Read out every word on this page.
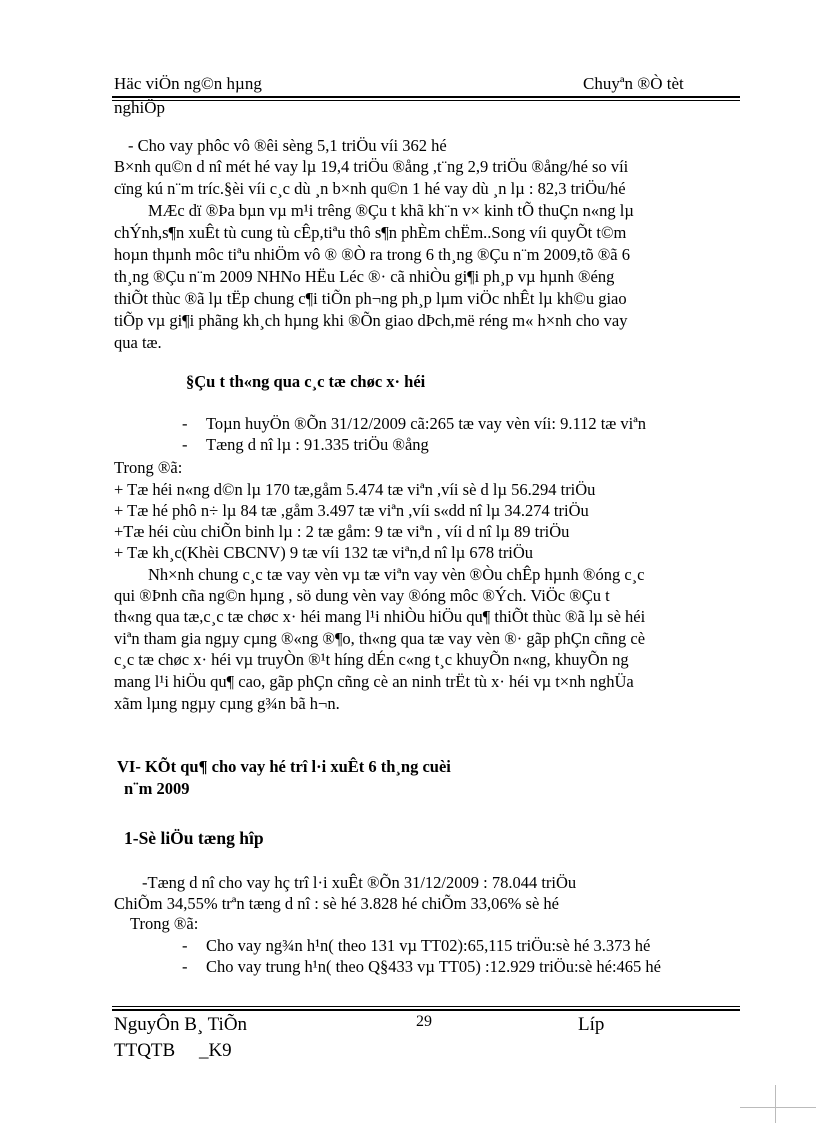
Häc viÖn ng©n hµng	Chuyªn ®Ò tèt
nghiÖp
- Cho vay phôc vô ®êi sèng 5,1 triÖu víi 362 hé
B×nh qu©n d nî mét hé vay lµ 19,4 triÖu ®ång ,t¨ng 2,9 triÖu ®ång/hé so víi
cïng kú n¨m tríc.§èi víi c¸c dù ¸n b×nh qu©n 1 hé vay dù ¸n lµ : 82,3 triÖu/hé
MÆc dï ®Þa bµn vµ m¹i trêng ®Çu t khã kh¨n v× kinh tÕ thuÇn n«ng lµ
chÝnh,s¶n xuÊt tù cung tù cÊp,tiªu thô s¶n phÈm chËm..Song víi quyÕt t©m
hoµn thµnh môc tiªu nhiÖm vô ® ®Ò ra trong 6 th¸ng ®Çu n¨m 2009,tõ ®ã 6
th¸ng ®Çu n¨m 2009 NHNo HËu Léc ®· cã nhiÒu gi¶i ph¸p vµ hµnh ®éng
thiÕt thùc ®ã lµ tËp chung c¶i tiÕn ph¬ng ph¸p lµm viÖc nhÊt lµ kh©u giao
tiÕp vµ gi¶i phãng kh¸ch hµng khi ®Õn giao dÞch,më réng m« h×nh cho vay
qua tæ.
§Çu t th«ng qua c¸c tæ chøc x· héi
- Toµn huyÖn ®Õn 31/12/2009 cã:265 tæ vay vèn víi: 9.112 tæ viªn
- Tæng d nî lµ : 91.335 triÖu ®ång
Trong ®ã:
+ Tæ héi n«ng d©n lµ 170 tæ,gåm 5.474 tæ viªn ,víi sè d lµ 56.294 triÖu
+ Tæ hé phô n÷ lµ 84 tæ ,gåm 3.497 tæ viªn ,víi s«dd nî lµ 34.274 triÖu
+Tæ héi cùu chiÕn binh lµ : 2 tæ gåm: 9 tæ viªn , víi d nî lµ 89 triÖu
+ Tæ kh¸c(Khèi CBCNV) 9 tæ víi 132 tæ viªn,d nî lµ 678 triÖu
Nh×nh chung c¸c tæ vay vèn vµ tæ viªn vay vèn ®Òu chÊp hµnh ®óng c¸c
qui ®Þnh cña ng©n hµng , sö dung vèn vay ®óng môc ®Ých. ViÖc ®Çu t
th«ng qua tæ,c¸c tæ chøc x· héi mang l¹i nhiÒu hiÖu qu¶ thiÕt thùc ®ã lµ sè héi
viªn tham gia ngµy cµng ®«ng ®¶o, th«ng qua tæ vay vèn ®· gãp phÇn cñng cè
c¸c tæ chøc x· héi vµ truyÒn ®¹t híng dÉn c«ng t¸c khuyÕn n«ng, khuyÕn ng
mang l¹i hiÖu qu¶ cao, gãp phÇn cñng cè an ninh trËt tù x· héi vµ t×nh nghÜa
xãm lµng ngµy cµng g¾n bã h¬n.
VI- KÕt qu¶ cho vay hé trî l·i xuÊt 6 th¸ng cuèi
n¨m 2009
1-Sè liÖu tæng hîp
-Tæng d nî cho vay hç trî l·i xuÊt ®Õn 31/12/2009 : 78.044 triÖu
ChiÕm 34,55% trªn tæng d nî : sè hé 3.828 hé chiÕm 33,06% sè hé
Trong ®ã:
- Cho vay ng¾n h¹n( theo 131 vµ TT02):65,115 triÖu:sè hé 3.373 hé
- Cho vay trung h¹n( theo Q§433 vµ TT05) :12.929 triÖu:sè hé:465 hé
NguyÔn B¸ TiÕn	29	Líp
TTQTB     _K9
